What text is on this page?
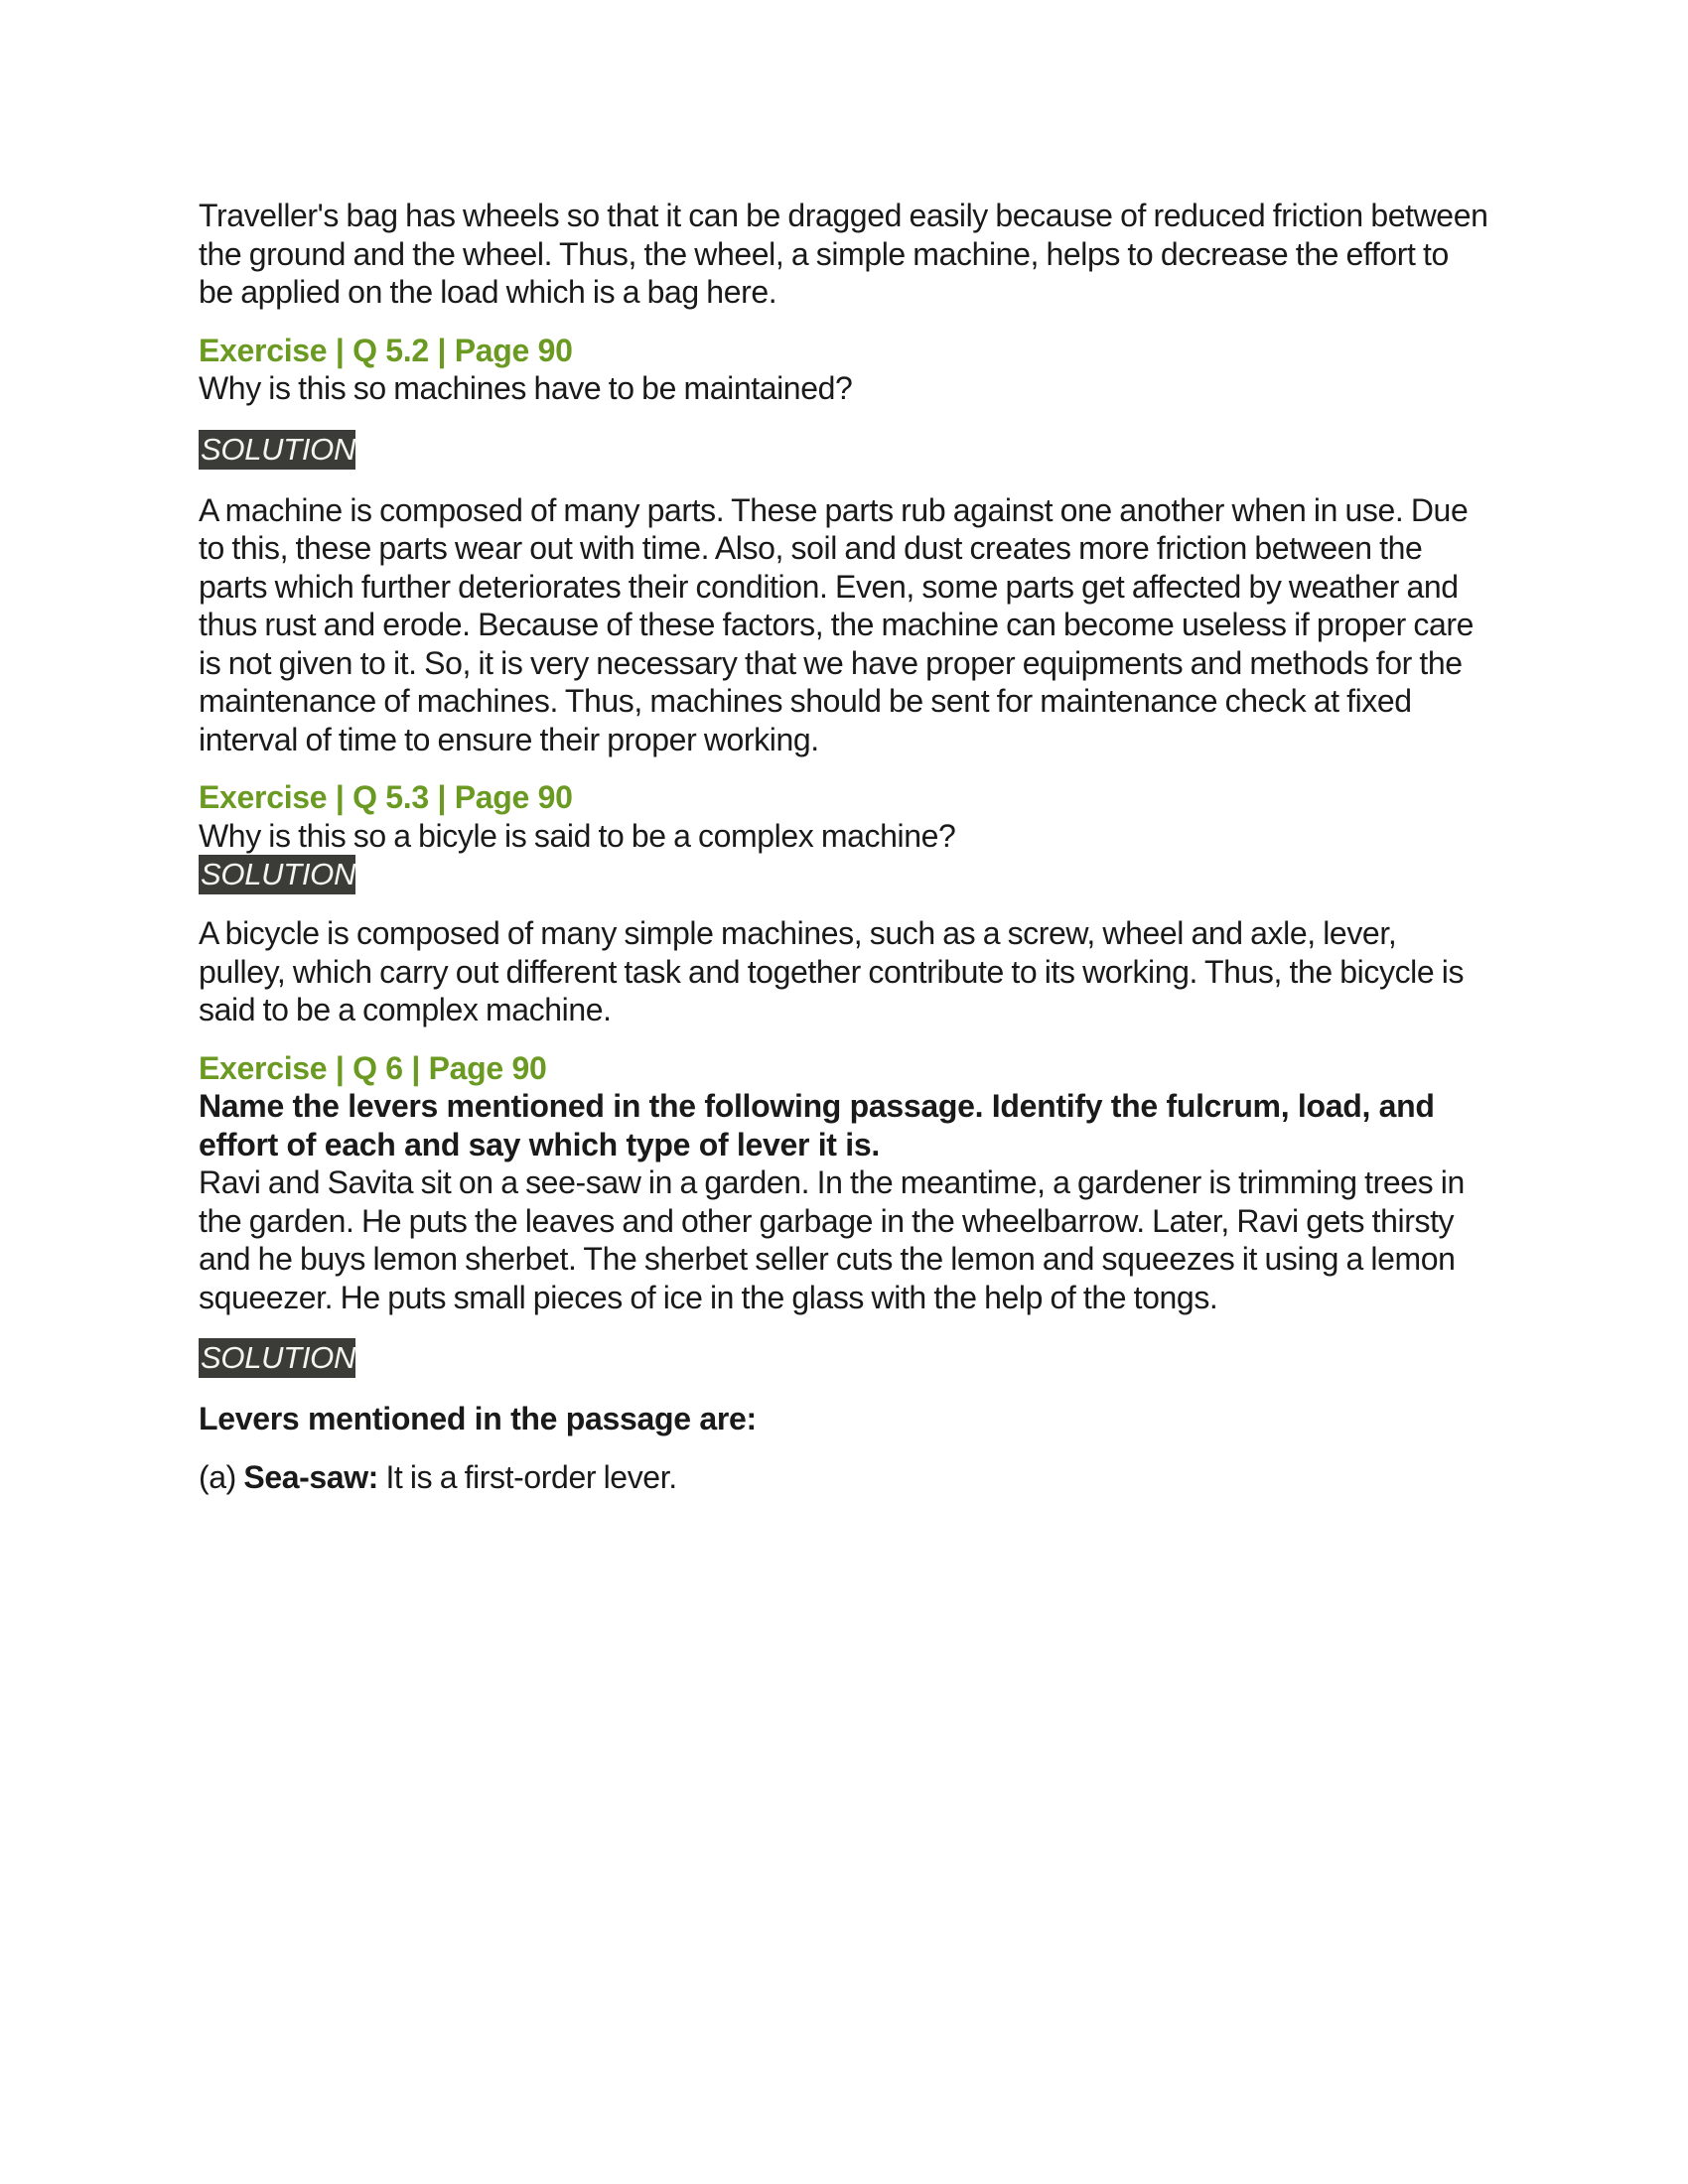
Traveller's bag has wheels so that it can be dragged easily because of reduced friction between the ground and the wheel. Thus, the wheel, a simple machine, helps to decrease the effort to be applied on the load which is a bag here.

Exercise | Q 5.2 | Page 90

Why is this so machines have to be maintained?

SOLUTION

A machine is composed of many parts. These parts rub against one another when in use. Due to this, these parts wear out with time. Also, soil and dust creates more friction between the parts which further deteriorates their condition. Even, some parts get affected by weather and thus rust and erode. Because of these factors, the machine can become useless if proper care is not given to it. So, it is very necessary that we have proper equipments and methods for the maintenance of machines. Thus, machines should be sent for maintenance check at fixed interval of time to ensure their proper working.

Exercise | Q 5.3 | Page 90

Why is this so a bicyle is said to be a complex machine?

SOLUTION

A bicycle is composed of many simple machines, such as a screw, wheel and axle, lever, pulley, which carry out different task and together contribute to its working. Thus, the bicycle is said to be a complex machine.

Exercise | Q 6 | Page 90

Name the levers mentioned in the following passage. Identify the fulcrum, load, and effort of each and say which type of lever it is.

Ravi and Savita sit on a see-saw in a garden. In the meantime, a gardener is trimming trees in the garden. He puts the leaves and other garbage in the wheelbarrow. Later, Ravi gets thirsty and he buys lemon sherbet. The sherbet seller cuts the lemon and squeezes it using a lemon squeezer. He puts small pieces of ice in the glass with the help of the tongs.

SOLUTION

Levers mentioned in the passage are:

(a) Sea-saw: It is a first-order lever.
